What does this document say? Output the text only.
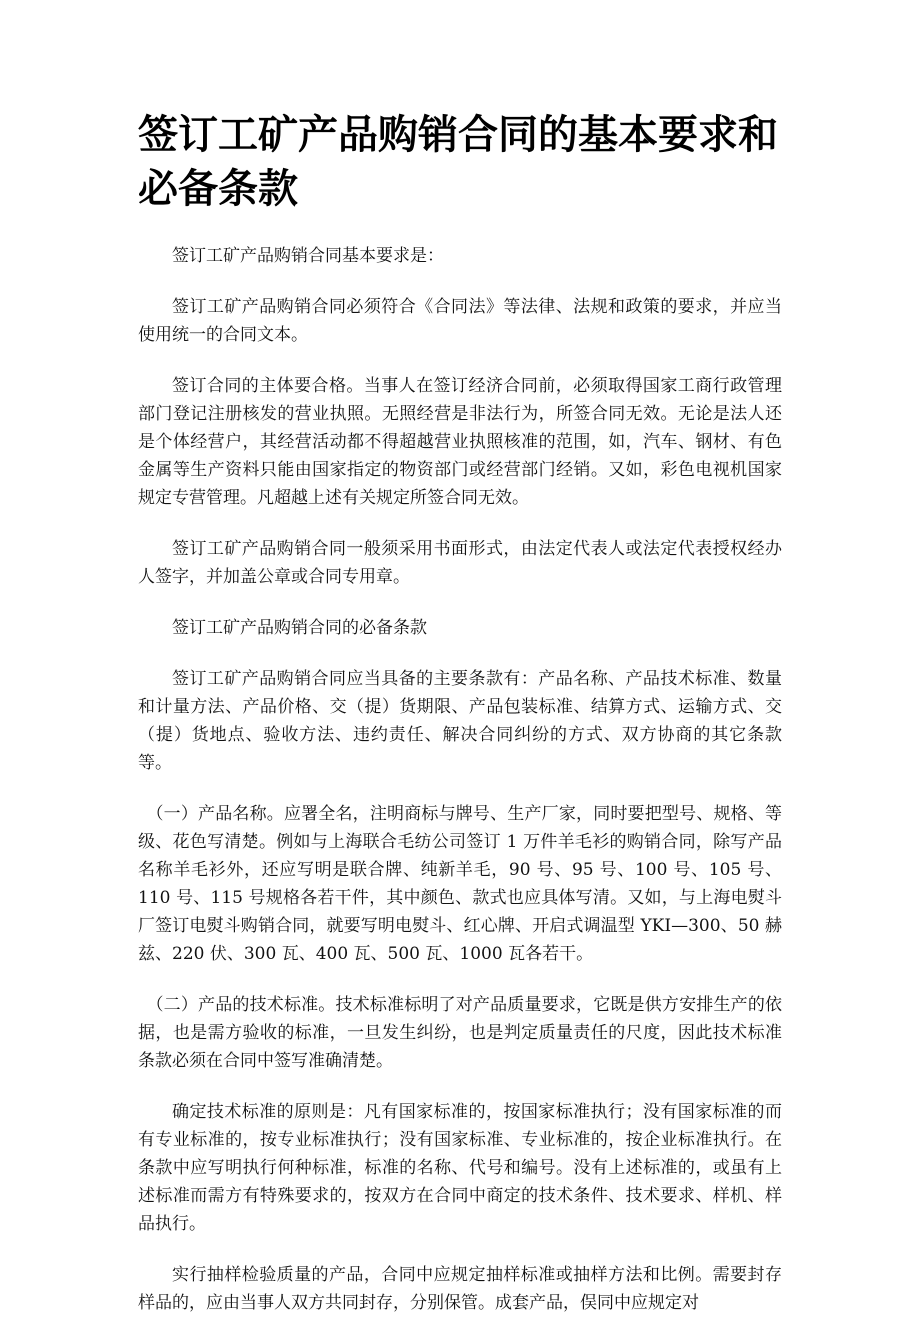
签订工矿产品购销合同的基本要求和必备条款

签订工矿产品购销合同基本要求是：

签订工矿产品购销合同必须符合《合同法》等法律、法规和政策的要求，并应当使用统一的合同文本。

签订合同的主体要合格。当事人在签订经济合同前，必须取得国家工商行政管理部门登记注册核发的营业执照。无照经营是非法行为，所签合同无效。无论是法人还是个体经营户，其经营活动都不得超越营业执照核准的范围，如，汽车、钢材、有色金属等生产资料只能由国家指定的物资部门或经营部门经销。又如，彩色电视机国家规定专营管理。凡超越上述有关规定所签合同无效。

签订工矿产品购销合同一般须采用书面形式，由法定代表人或法定代表授权经办人签字，并加盖公章或合同专用章。

签订工矿产品购销合同的必备条款

签订工矿产品购销合同应当具备的主要条款有：产品名称、产品技术标准、数量和计量方法、产品价格、交（提）货期限、产品包装标准、结算方式、运输方式、交（提）货地点、验收方法、违约责任、解决合同纠纷的方式、双方协商的其它条款等。

（一）产品名称。应署全名，注明商标与牌号、生产厂家，同时要把型号、规格、等级、花色写清楚。例如与上海联合毛纺公司签订 1 万件羊毛衫的购销合同，除写产品名称羊毛衫外，还应写明是联合牌、纯新羊毛，90 号、95 号、100 号、105 号、110 号、115 号规格各若干件，其中颜色、款式也应具体写清。又如，与上海电熨斗厂签订电熨斗购销合同，就要写明电熨斗、红心牌、开启式调温型 YKI—300、50 赫兹、220 伏、300 瓦、400 瓦、500 瓦、1000 瓦各若干。

（二）产品的技术标准。技术标准标明了对产品质量要求，它既是供方安排生产的依据，也是需方验收的标准，一旦发生纠纷，也是判定质量责任的尺度，因此技术标准条款必须在合同中签写准确清楚。

确定技术标准的原则是：凡有国家标准的，按国家标准执行；没有国家标准的而有专业标准的，按专业标准执行；没有国家标准、专业标准的，按企业标准执行。在条款中应写明执行何种标准，标准的名称、代号和编号。没有上述标准的，或虽有上述标准而需方有特殊要求的，按双方在合同中商定的技术条件、技术要求、样机、样品执行。

实行抽样检验质量的产品，合同中应规定抽样标准或抽样方法和比例。需要封存样品的，应由当事人双方共同封存，分别保管。成套产品，俣同中应规定对
